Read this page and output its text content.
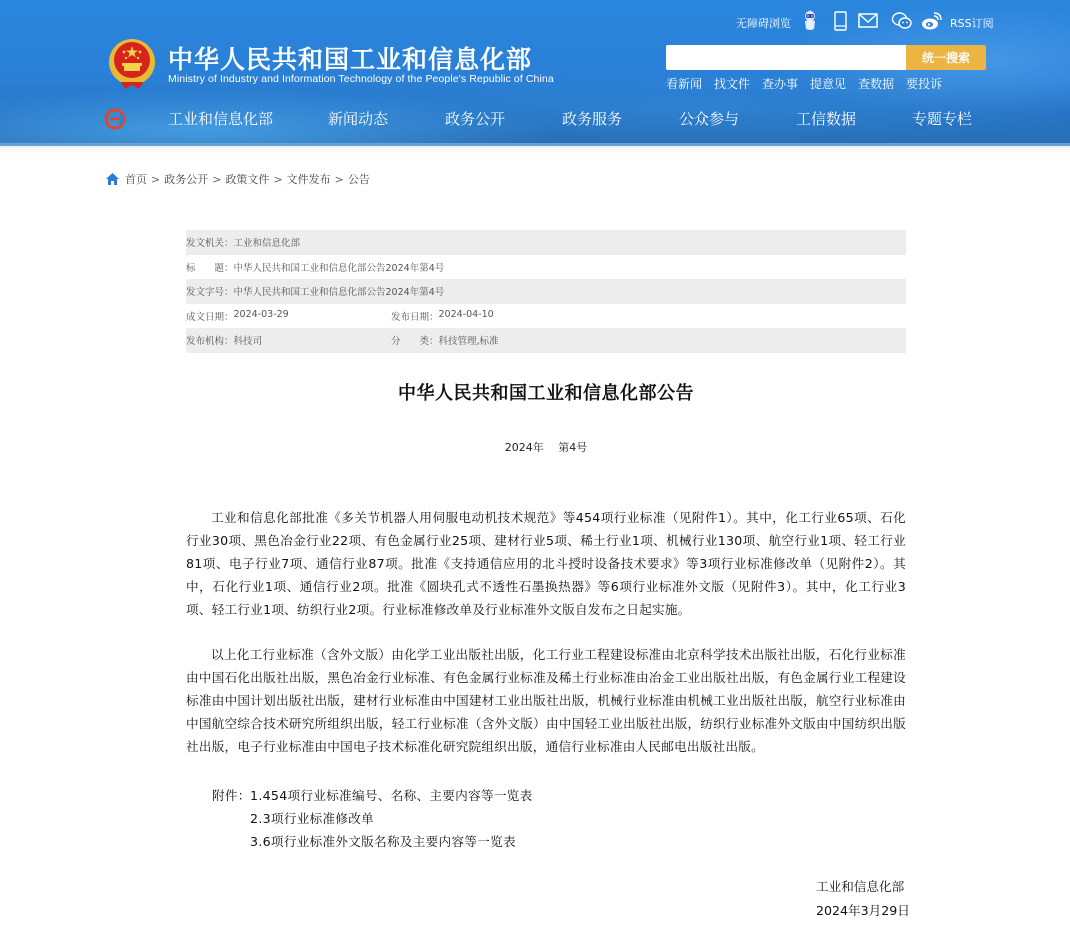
中华人民共和国工业和信息化部
Ministry of Industry and Information Technology of the People's Republic of China
无障碍浏览	RSS订阅
统一搜索
看新闻 找文件 查办事 提意见 查数据 要投诉
工业和信息化部	新闻动态	政务公开	政务服务	公众参与	工信数据	专题专栏
首页 > 政务公开 > 政策文件 > 文件发布 > 公告
发文机关： 工业和信息化部
标　　题： 中华人民共和国工业和信息化部公告2024年第4号
发文字号： 中华人民共和国工业和信息化部公告2024年第4号
成文日期： 2024-03-29	发布日期： 2024-04-10
发布机构： 科技司	分　　类： 科技管理,标准
中华人民共和国工业和信息化部公告
2024年　 第4号

工业和信息化部批准《多关节机器人用伺服电动机技术规范》等454项行业标准（见附件1）。其中，化工行业65项、石化行业30项、黑色冶金行业22项、有色金属行业25项、建材行业5项、稀土行业1项、机械行业130项、航空行业1项、轻工行业81项、电子行业7项、通信行业87项。批准《支持通信应用的北斗授时设备技术要求》等3项行业标准修改单（见附件2）。其中，石化行业1项、通信行业2项。批准《圆块孔式不透性石墨换热器》等6项行业标准外文版（见附件3）。其中，化工行业3项、轻工行业1项、纺织行业2项。行业标准修改单及行业标准外文版自发布之日起实施。

以上化工行业标准（含外文版）由化学工业出版社出版，化工行业工程建设标准由北京科学技术出版社出版，石化行业标准由中国石化出版社出版，黑色冶金行业标准、有色金属行业标准及稀土行业标准由冶金工业出版社出版，有色金属行业工程建设标准由中国计划出版社出版，建材行业标准由中国建材工业出版社出版，机械行业标准由机械工业出版社出版，航空行业标准由中国航空综合技术研究所组织出版，轻工行业标准（含外文版）由中国轻工业出版社出版，纺织行业标准外文版由中国纺织出版社出版，电子行业标准由中国电子技术标准化研究院组织出版，通信行业标准由人民邮电出版社出版。

附件： 1.454项行业标准编号、名称、主要内容等一览表
2.3项行业标准修改单
3.6项行业标准外文版名称及主要内容等一览表
工业和信息化部
2024年3月29日
